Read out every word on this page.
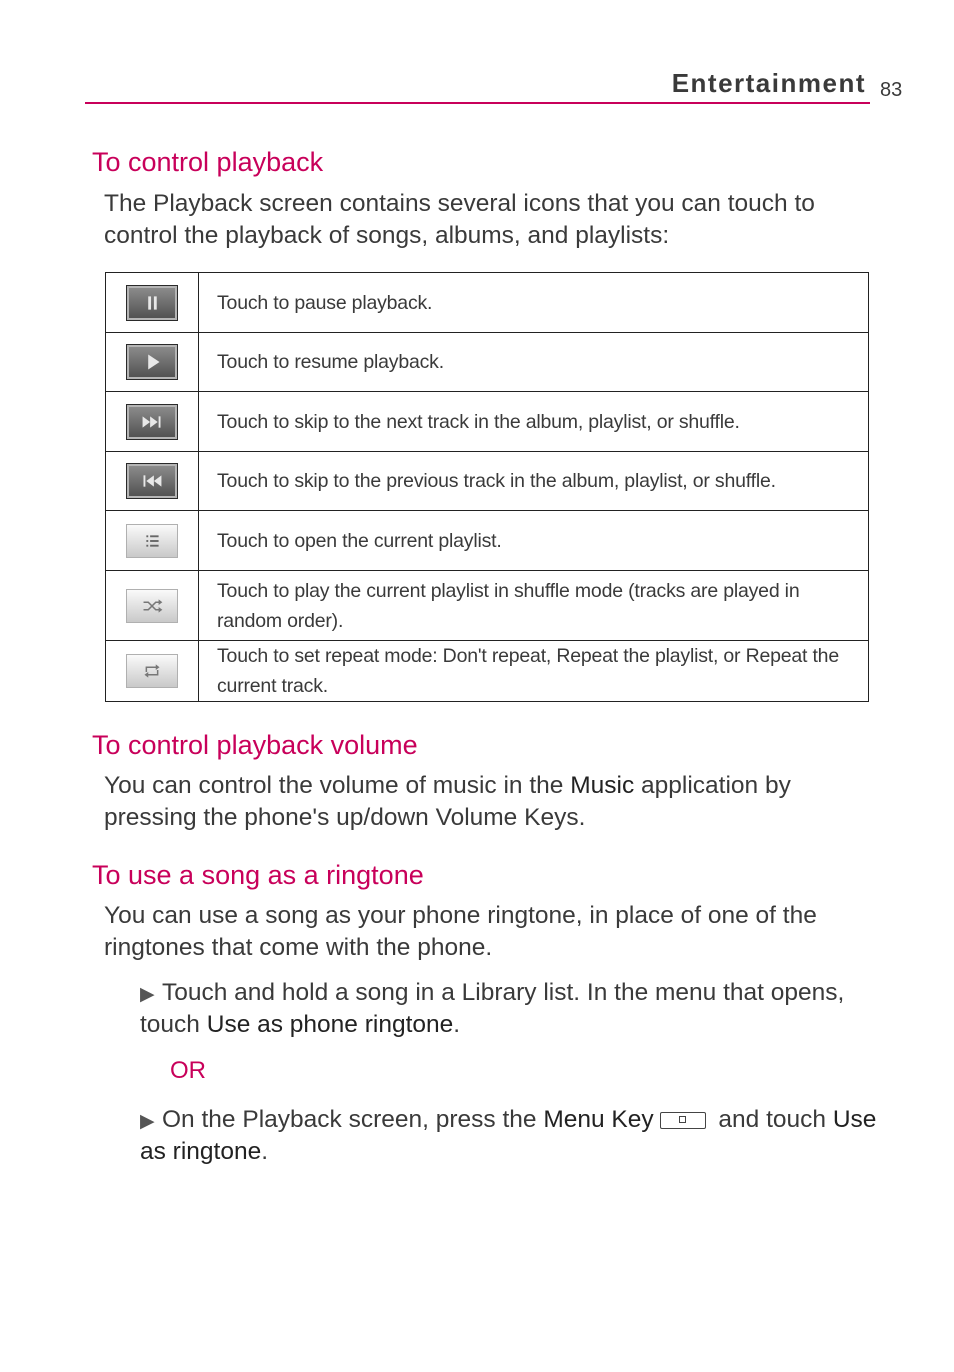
Entertainment 83
To control playback
The Playback screen contains several icons that you can touch to control the playback of songs, albums, and playlists:
	Touch to pause playback.

	Touch to resume playback.

	Touch to skip to the next track in the album, playlist, or shuffle.

	Touch to skip to the previous track in the album, playlist, or shuffle.

	Touch to open the current playlist.

	Touch to play the current playlist in shuffle mode (tracks are played in random order).

	Touch to set repeat mode: Don't repeat, Repeat the playlist, or Repeat the current track.
To control playback volume
You can control the volume of music in the Music application by pressing the phone's up/down Volume Keys.
To use a song as a ringtone
You can use a song as your phone ringtone, in place of one of the ringtones that come with the phone.
▶ Touch and hold a song in a Library list. In the menu that opens, touch Use as phone ringtone.
OR
▶ On the Playback screen, press the Menu Key and touch Use as ringtone.
